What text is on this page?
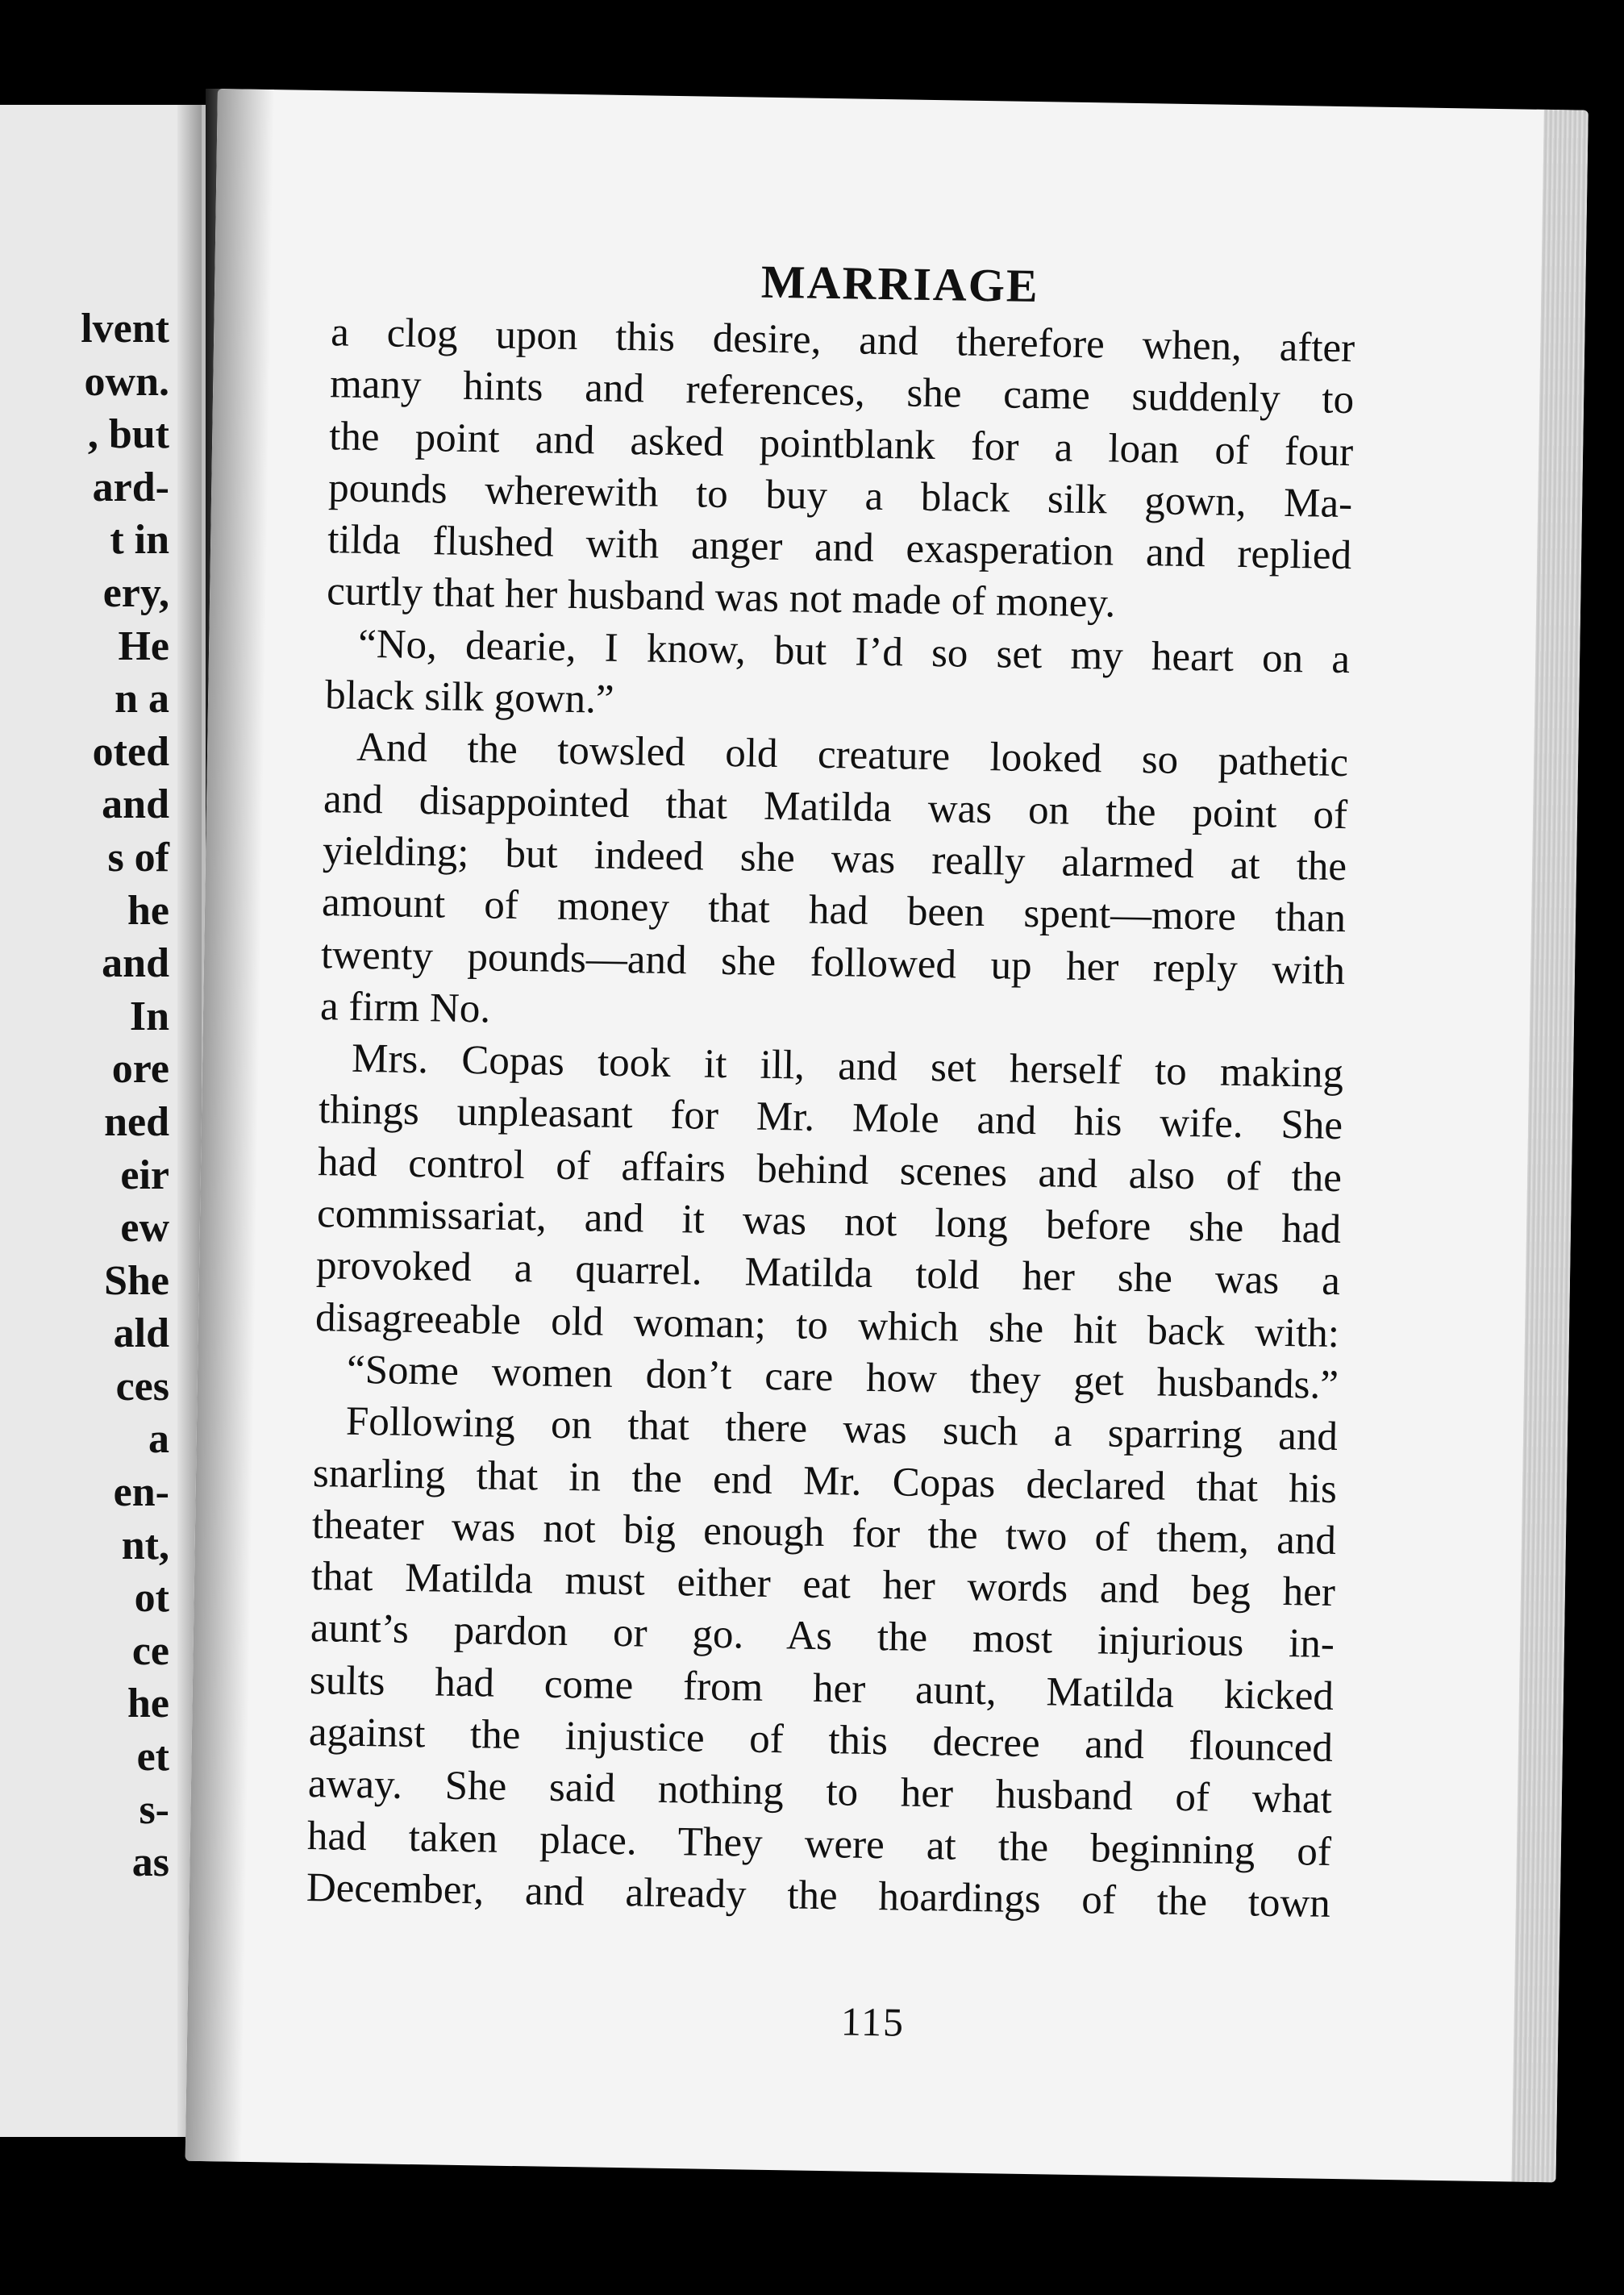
lvent
own.
, but
ard-
t in
ery,
He
n a
oted
and
s of
he
and
In
ore
ned
eir
ew
She
ald
ces
a
en-
nt,
ot
ce
he
et
s-
as
MARRIAGE
a clog upon this desire, and therefore when, after
many hints and references, she came suddenly to
the point and asked pointblank for a loan of four
pounds wherewith to buy a black silk gown, Ma-
tilda flushed with anger and exasperation and replied
curtly that her husband was not made of money.
“No, dearie, I know, but I’d so set my heart on a
black silk gown.”
And the towsled old creature looked so pathetic
and disappointed that Matilda was on the point of
yielding; but indeed she was really alarmed at the
amount of money that had been spent—more than
twenty pounds—and she followed up her reply with
a firm No.
Mrs. Copas took it ill, and set herself to making
things unpleasant for Mr. Mole and his wife. She
had control of affairs behind scenes and also of the
commissariat, and it was not long before she had
provoked a quarrel. Matilda told her she was a
disagreeable old woman; to which she hit back with:
“Some women don’t care how they get husbands.”
Following on that there was such a sparring and
snarling that in the end Mr. Copas declared that his
theater was not big enough for the two of them, and
that Matilda must either eat her words and beg her
aunt’s pardon or go. As the most injurious in-
sults had come from her aunt, Matilda kicked
against the injustice of this decree and flounced
away. She said nothing to her husband of what
had taken place. They were at the beginning of
December, and already the hoardings of the town
115
